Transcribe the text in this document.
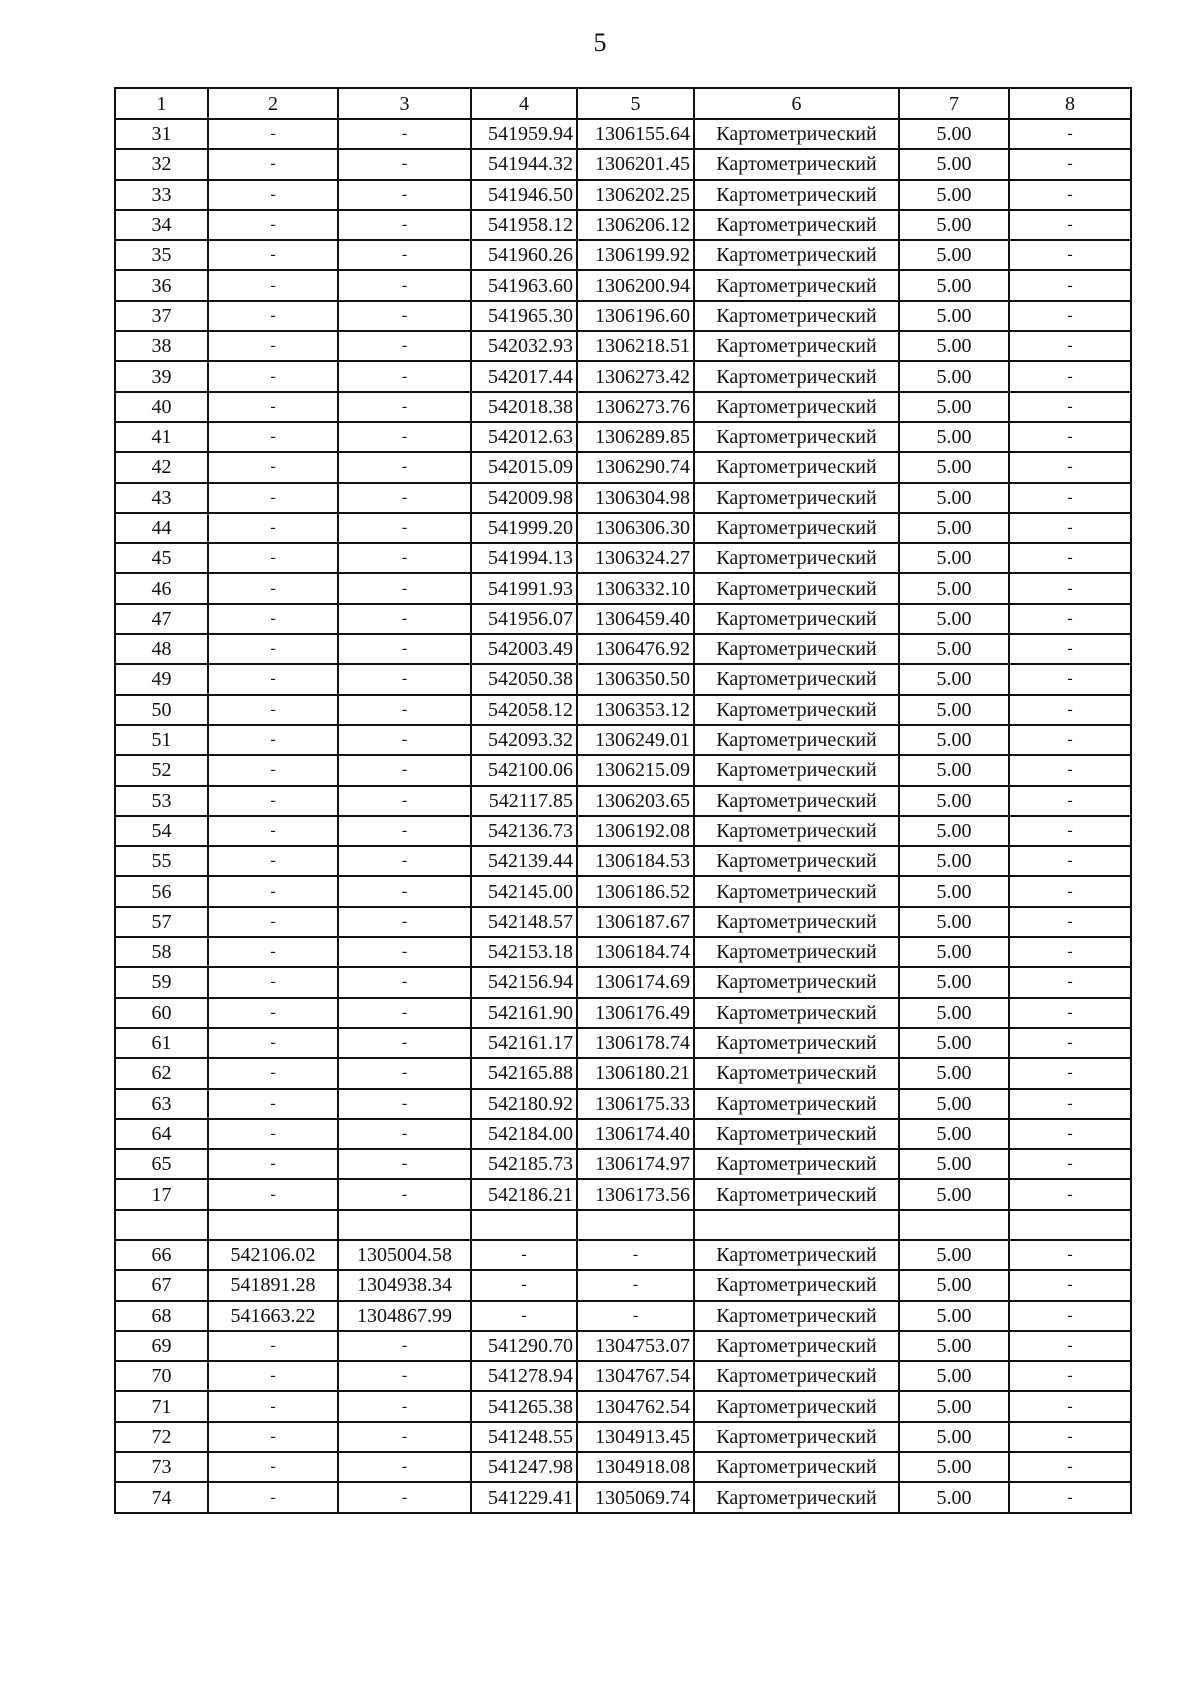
5
1	2	3	4	5	6	7	8
31	-	-	541959.94	1306155.64	Картометрический	5.00	-
32	-	-	541944.32	1306201.45	Картометрический	5.00	-
33	-	-	541946.50	1306202.25	Картометрический	5.00	-
34	-	-	541958.12	1306206.12	Картометрический	5.00	-
35	-	-	541960.26	1306199.92	Картометрический	5.00	-
36	-	-	541963.60	1306200.94	Картометрический	5.00	-
37	-	-	541965.30	1306196.60	Картометрический	5.00	-
38	-	-	542032.93	1306218.51	Картометрический	5.00	-
39	-	-	542017.44	1306273.42	Картометрический	5.00	-
40	-	-	542018.38	1306273.76	Картометрический	5.00	-
41	-	-	542012.63	1306289.85	Картометрический	5.00	-
42	-	-	542015.09	1306290.74	Картометрический	5.00	-
43	-	-	542009.98	1306304.98	Картометрический	5.00	-
44	-	-	541999.20	1306306.30	Картометрический	5.00	-
45	-	-	541994.13	1306324.27	Картометрический	5.00	-
46	-	-	541991.93	1306332.10	Картометрический	5.00	-
47	-	-	541956.07	1306459.40	Картометрический	5.00	-
48	-	-	542003.49	1306476.92	Картометрический	5.00	-
49	-	-	542050.38	1306350.50	Картометрический	5.00	-
50	-	-	542058.12	1306353.12	Картометрический	5.00	-
51	-	-	542093.32	1306249.01	Картометрический	5.00	-
52	-	-	542100.06	1306215.09	Картометрический	5.00	-
53	-	-	542117.85	1306203.65	Картометрический	5.00	-
54	-	-	542136.73	1306192.08	Картометрический	5.00	-
55	-	-	542139.44	1306184.53	Картометрический	5.00	-
56	-	-	542145.00	1306186.52	Картометрический	5.00	-
57	-	-	542148.57	1306187.67	Картометрический	5.00	-
58	-	-	542153.18	1306184.74	Картометрический	5.00	-
59	-	-	542156.94	1306174.69	Картометрический	5.00	-
60	-	-	542161.90	1306176.49	Картометрический	5.00	-
61	-	-	542161.17	1306178.74	Картометрический	5.00	-
62	-	-	542165.88	1306180.21	Картометрический	5.00	-
63	-	-	542180.92	1306175.33	Картометрический	5.00	-
64	-	-	542184.00	1306174.40	Картометрический	5.00	-
65	-	-	542185.73	1306174.97	Картометрический	5.00	-
17	-	-	542186.21	1306173.56	Картометрический	5.00	-

66	542106.02	1305004.58	-	-	Картометрический	5.00	-
67	541891.28	1304938.34	-	-	Картометрический	5.00	-
68	541663.22	1304867.99	-	-	Картометрический	5.00	-
69	-	-	541290.70	1304753.07	Картометрический	5.00	-
70	-	-	541278.94	1304767.54	Картометрический	5.00	-
71	-	-	541265.38	1304762.54	Картометрический	5.00	-
72	-	-	541248.55	1304913.45	Картометрический	5.00	-
73	-	-	541247.98	1304918.08	Картометрический	5.00	-
74	-	-	541229.41	1305069.74	Картометрический	5.00	-
